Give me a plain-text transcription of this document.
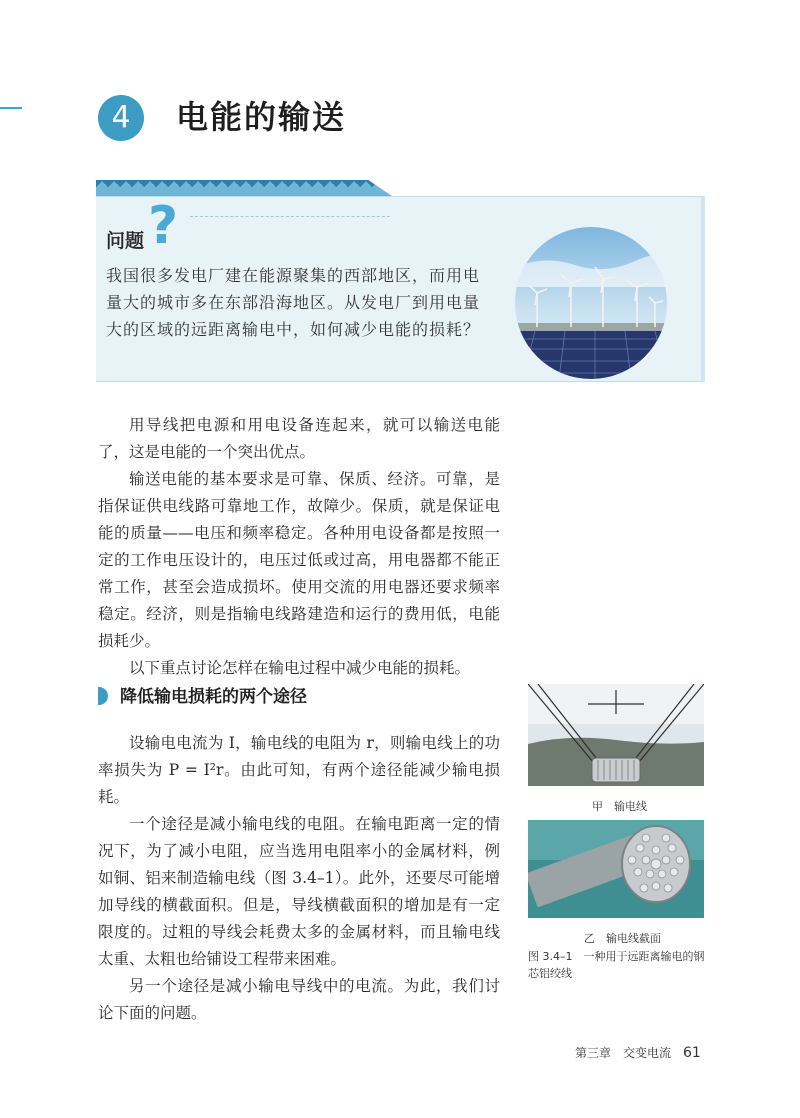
4	电能的输送
问题 ?
我国很多发电厂建在能源聚集的西部地区，而用电量大的城市多在东部沿海地区。从发电厂到用电量大的区域的远距离输电中，如何减少电能的损耗？

用导线把电源和用电设备连起来，就可以输送电能了，这是电能的一个突出优点。

输送电能的基本要求是可靠、保质、经济。可靠，是指保证供电线路可靠地工作，故障少。保质，就是保证电能的质量——电压和频率稳定。各种用电设备都是按照一定的工作电压设计的，电压过低或过高，用电器都不能正常工作，甚至会造成损坏。使用交流的用电器还要求频率稳定。经济，则是指输电线路建造和运行的费用低，电能损耗少。

以下重点讨论怎样在输电过程中减少电能的损耗。

降低输电损耗的两个途径

设输电电流为 I，输电线的电阻为 r，则输电线上的功率损失为 P = I²r。由此可知，有两个途径能减少输电损耗。

一个途径是减小输电线的电阻。在输电距离一定的情况下，为了减小电阻，应当选用电阻率小的金属材料，例如铜、铝来制造输电线（图 3.4–1）。此外，还要尽可能增加导线的横截面积。但是，导线横截面积的增加是有一定限度的。过粗的导线会耗费太多的金属材料，而且输电线太重、太粗也给铺设工程带来困难。

另一个途径是减小输电导线中的电流。为此，我们讨论下面的问题。

甲　输电线
乙　输电线截面
图 3.4–1　一种用于远距离输电的钢芯铝绞线
第三章　交变电流 61
